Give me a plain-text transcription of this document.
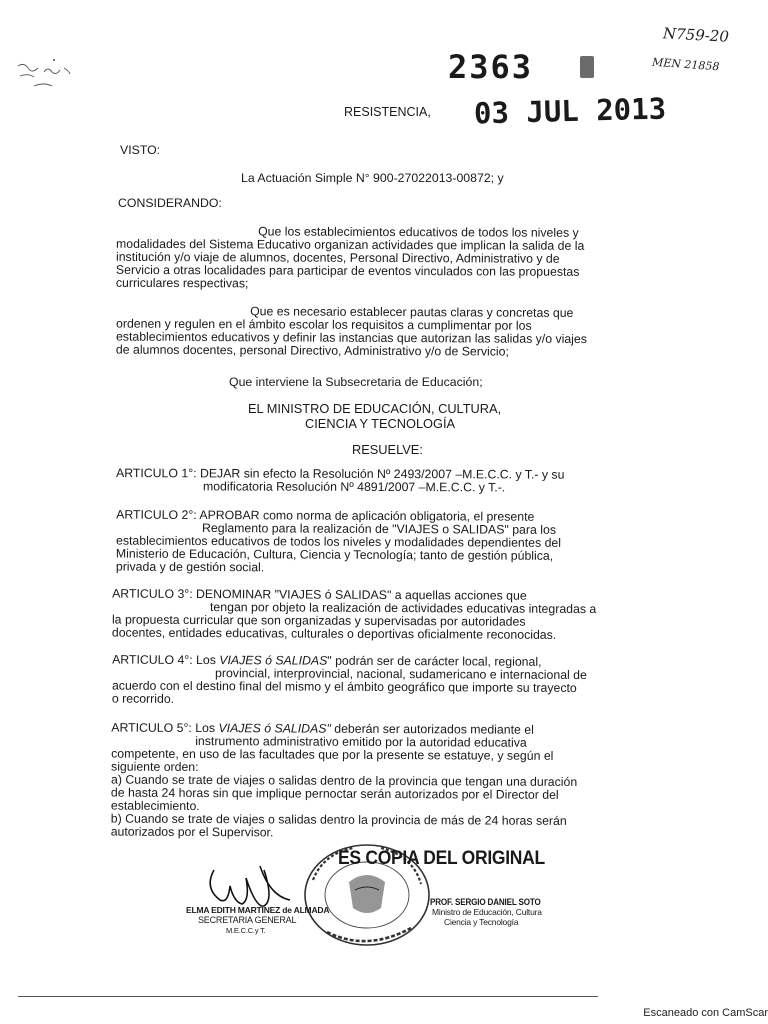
N759-20
MEN 21858
2363
RESISTENCIA, 03 JUL 2013
VISTO:
La Actuación Simple N° 900-27022013-00872; y
CONSIDERANDO:
Que los establecimientos educativos de todos los niveles y
modalidades del Sistema Educativo organizan actividades que implican la salida de la
institución y/o viaje de alumnos, docentes, Personal Directivo, Administrativo y de
Servicio a otras localidades para participar de eventos vinculados con las propuestas
curriculares respectivas;
Que es necesario establecer pautas claras y concretas que
ordenen y regulen en el ámbito escolar los requisitos a cumplimentar por los
establecimientos educativos y definir las instancias que autorizan las salidas y/o viajes
de alumnos docentes, personal Directivo, Administrativo y/o de Servicio;
Que interviene la Subsecretaria de Educación;
EL MINISTRO DE EDUCACIÓN, CULTURA,
CIENCIA Y TECNOLOGÍA
RESUELVE:
ARTICULO 1°: DEJAR sin efecto la Resolución Nº 2493/2007 –M.E.C.C. y T.- y su
modificatoria Resolución Nº 4891/2007 –M.E.C.C. y T.-.
ARTICULO 2°: APROBAR como norma de aplicación obligatoria, el presente
Reglamento para la realización de "VIAJES o SALIDAS" para los
establecimientos educativos de todos los niveles y modalidades dependientes del
Ministerio de Educación, Cultura, Ciencia y Tecnología; tanto de gestión pública,
privada y de gestión social.
ARTICULO 3°: DENOMINAR "VIAJES ó SALIDAS" a aquellas acciones que
tengan por objeto la realización de actividades educativas integradas a
la propuesta curricular que son organizadas y supervisadas por autoridades
docentes, entidades educativas, culturales o deportivas oficialmente reconocidas.
ARTICULO 4°: Los VIAJES ó SALIDAS" podrán ser de carácter local, regional,
provincial, interprovincial, nacional, sudamericano e internacional de
acuerdo con el destino final del mismo y el ámbito geográfico que importe su trayecto
o recorrido.
ARTICULO 5°: Los VIAJES ó SALIDAS" deberán ser autorizados mediante el
instrumento administrativo emitido por la autoridad educativa
competente, en uso de las facultades que por la presente se estatuye, y según el
siguiente orden:
a) Cuando se trate de viajes o salidas dentro de la provincia que tengan una duración
de hasta 24 horas sin que implique pernoctar serán autorizados por el Director del
establecimiento.
b) Cuando se trate de viajes o salidas dentro la provincia de más de 24 horas serán
autorizados por el Supervisor.
ES COPIA DEL ORIGINAL
ELMA EDITH MARTINEZ de ALMADA
SECRETARIA GENERAL
M.E.C.C.y T.
PROF. SERGIO DANIEL SOTO
Ministro de Educación, Cultura
Ciencia y Tecnología
Escaneado con CamScar
